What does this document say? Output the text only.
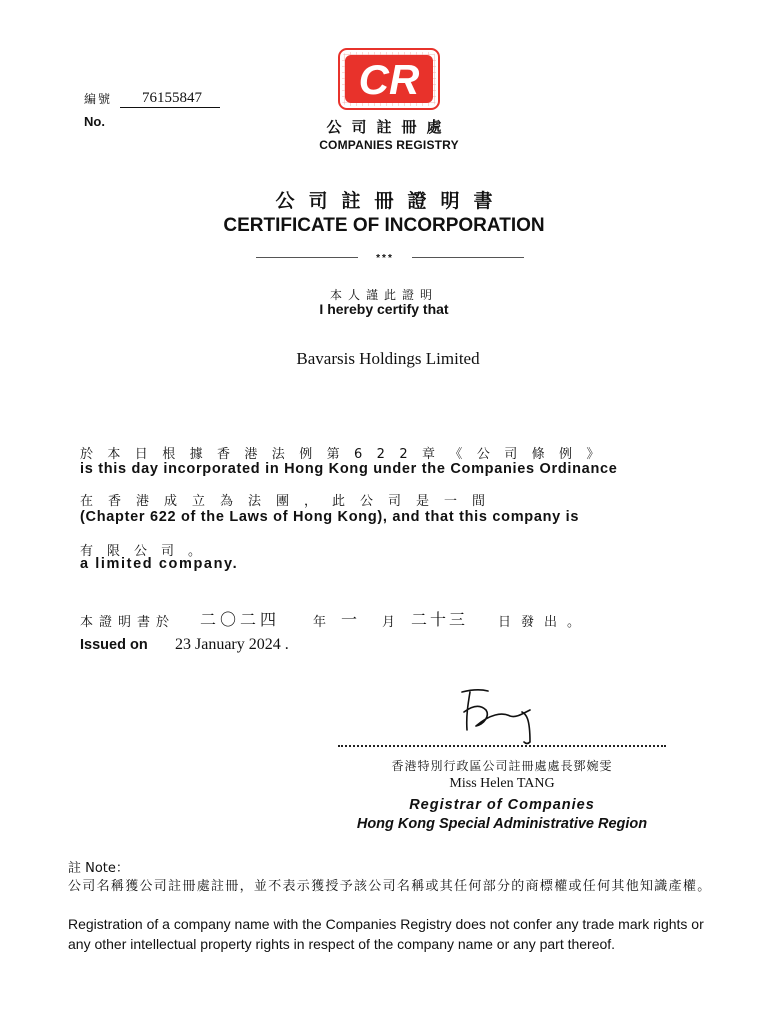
編號	76155847
No.
CR
公司註冊處
COMPANIES REGISTRY
公司註冊證明書
CERTIFICATE OF INCORPORATION
***
本人謹此證明
I hereby certify that
Bavarsis Holdings Limited
於本日根據香港法例第622章《公司條例》
is this day incorporated in Hong Kong under the Companies Ordinance
在香港成立為法團，此公司是一間
(Chapter 622 of the Laws of Hong Kong), and that this company is
有限公司。
a limited company.
本證明書於 二〇二四	年 一 月 二十三 日發出。
Issued on 23 January 2024 .
香港特別行政區公司註冊處處長鄧婉雯
Miss Helen TANG
Registrar of Companies
Hong Kong Special Administrative Region
註 Note：
公司名稱獲公司註冊處註冊，並不表示獲授予該公司名稱或其任何部分的商標權或任何其他知識產權。
Registration of a company name with the Companies Registry does not confer any trade mark rights or any other intellectual property rights in respect of the company name or any part thereof.
